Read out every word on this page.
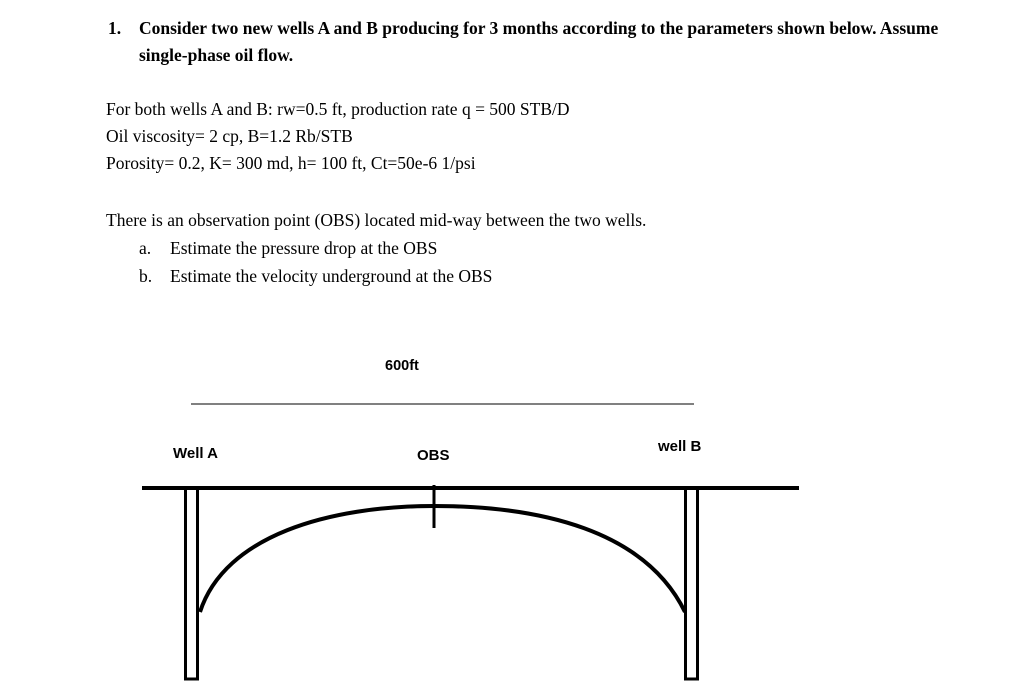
1. Consider two new wells A and B producing for 3 months according to the parameters shown below. Assume single-phase oil flow.
For both wells A and B: rw=0.5 ft, production rate q = 500 STB/D
Oil viscosity= 2 cp, B=1.2 Rb/STB
Porosity= 0.2, K= 300 md, h= 100 ft, Ct=50e-6 1/psi
There is an observation point (OBS) located mid-way between the two wells.
a. Estimate the pressure drop at the OBS
b. Estimate the velocity underground at the OBS
600ft
Well A	OBS
well B
